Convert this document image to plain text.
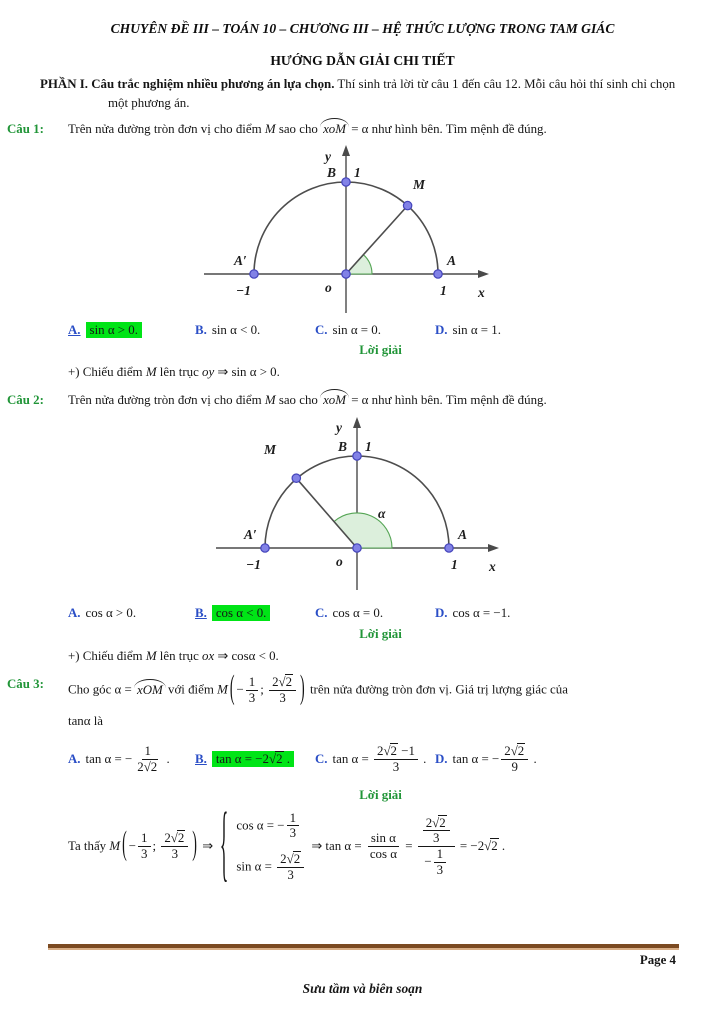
CHUYÊN ĐỀ III – TOÁN 10 – CHƯƠNG III – HỆ THỨC LƯỢNG TRONG TAM GIÁC
HƯỚNG DẪN GIẢI CHI TIẾT

PHẦN I. Câu trắc nghiệm nhiều phương án lựa chọn. Thí sinh trả lời từ câu 1 đến câu 12. Mỗi câu hỏi thí sinh chỉ chọn một phương án.

Câu 1:	Trên nửa đường tròn đơn vị cho điểm M sao cho xoM = α như hình bên. Tìm mệnh đề đúng.
y
B 1
M
A′
−1	o
A
1 x
A. sin α > 0.	B. sin α < 0.	C. sin α = 0.	D. sin α = 1.
Lời giải
+) Chiếu điểm M lên trục oy ⇒ sin α > 0.
Câu 2:	Trên nửa đường tròn đơn vị cho điểm M sao cho xoM = α như hình bên. Tìm mệnh đề đúng.
y
M	B 1
α
A′
−1	o
A
1 x
A. cos α > 0.	B. cos α < 0.	C. cos α = 0.	D. cos α = −1.
Lời giải
+) Chiếu điểm M lên trục ox ⇒ cosα < 0.
Câu 3:	Cho góc α = xOM với điểm M ( − $\frac{1}{3}$ ; $\frac{2√2}{3}$ ) trên nửa đường tròn đơn vị. Giá trị lượng giác của
tanα là
A. tan α = − $\frac{1}{2√2}$ .	B. tan α = −2√2 .	C. $\tan \alpha = \frac{2√2 -1}{3}$ . D. tan α = − $\frac{2√2}{9}$ .
Lời giải
Ta thấy M ( − $\frac{1}{3}$ ; $\frac{2√2}{3}$ ) ⇒ { cos α = − $\frac{1}{3}$
$\sin \alpha = \frac{2√2}{3}$
⇒ $\tan \alpha = \frac{\text{sin α}}{\text{cos α}} = \frac{\frac{2√2}{3}}{- \frac{1}{3}} = -2√2$ .
Page 4
Sưu tầm và biên soạn
